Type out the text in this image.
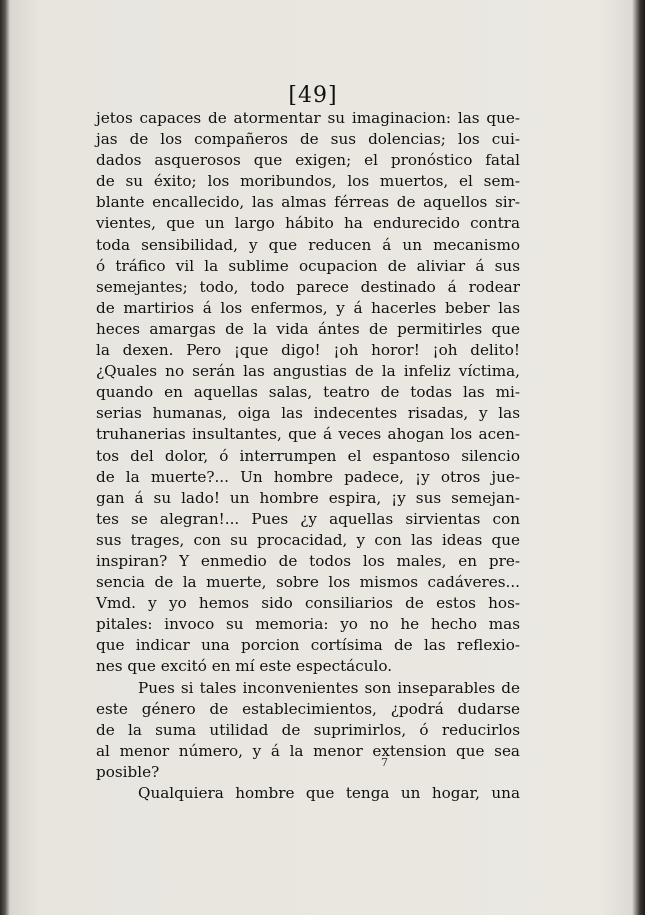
[49]
jetos capaces de atormentar su imaginacion: las que-
jas de los compañeros de sus dolencias; los cui-
dados asquerosos que exigen; el pronóstico fatal
de su éxito; los moribundos, los muertos, el sem-
blante encallecido, las almas férreas de aquellos sir-
vientes, que un largo hábito ha endurecido contra
toda sensibilidad, y que reducen á un mecanismo
ó tráfico vil la sublime ocupacion de aliviar á sus
semejantes; todo, todo parece destinado á rodear
de martirios á los enfermos, y á hacerles beber las
heces amargas de la vida ántes de permitirles que
la dexen. Pero ¡que digo! ¡oh horor! ¡oh delito!
¿Quales no serán las angustias de la infeliz víctima,
quando en aquellas salas, teatro de todas las mi-
serias humanas, oiga las indecentes risadas, y las
truhanerias insultantes, que á veces ahogan los acen-
tos del dolor, ó interrumpen el espantoso silencio
de la muerte?... Un hombre padece, ¡y otros jue-
gan á su lado! un hombre espira, ¡y sus semejan-
tes se alegran!... Pues ¿y aquellas sirvientas con
sus trages, con su procacidad, y con las ideas que
inspiran? Y enmedio de todos los males, en pre-
sencia de la muerte, sobre los mismos cadáveres...
Vmd. y yo hemos sido consiliarios de estos hos-
pitales: invoco su memoria: yo no he hecho mas
que indicar una porcion cortísima de las reflexio-
nes que excitó en mí este espectáculo.
Pues si tales inconvenientes son inseparables de
este género de establecimientos, ¿podrá dudarse
de la suma utilidad de suprimirlos, ó reducirlos
al menor número, y á la menor extension que sea
posible?
Qualquiera hombre que tenga un hogar, una
7
